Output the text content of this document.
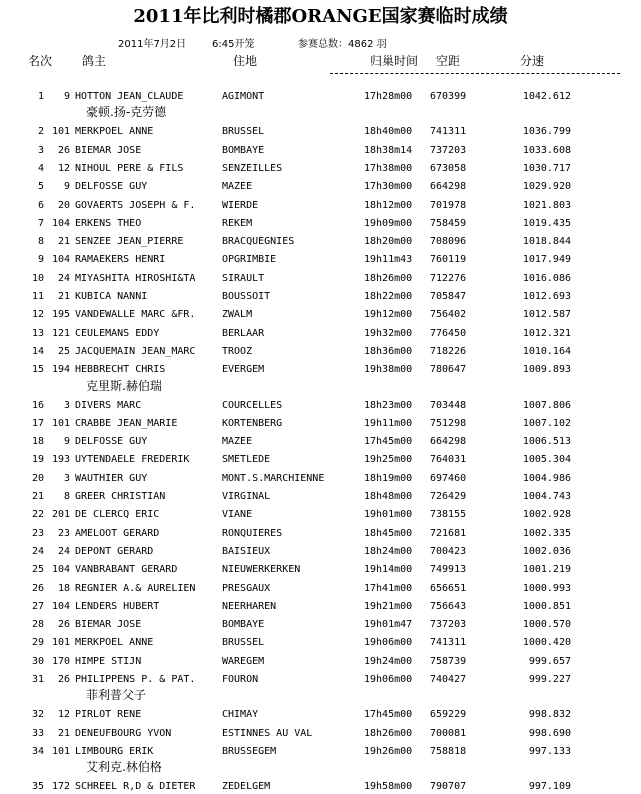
2011年比利时橘郡ORANGE国家赛临时成绩
2011年7月2日	6:45开笼	参赛总数：4862 羽
名次 鸽主	住地	归巢时间 空距	分速
1	9 HOTTON JEAN_CLAUDE	AGIMONT	17h28m00 670399	1042.612
豪顿.扬-克劳德
2 101 MERKPOEL ANNE	BRUSSEL	18h40m00 741311	1036.799
3	26 BIEMAR JOSE	BOMBAYE	18h38m14 737203	1033.608
4	12 NIHOUL PERE & FILS	SENZEILLES	17h38m00 673058	1030.717
5	9 DELFOSSE GUY	MAZEE	17h30m00 664298	1029.920
6	20 GOVAERTS JOSEPH & F.	WIERDE	18h12m00 701978	1021.803
7 104 ERKENS THEO	REKEM	19h09m00 758459	1019.435
8	21 SENZEE JEAN_PIERRE	BRACQUEGNIES	18h20m00 708096	1018.844
9 104 RAMAEKERS HENRI	OPGRIMBIE	19h11m43 760119	1017.949
10	24 MIYASHITA HIROSHI&TA	SIRAULT	18h26m00 712276	1016.086
11	21 KUBICA NANNI	BOUSSOIT	18h22m00 705847	1012.693
12 195 VANDEWALLE MARC &FR.	ZWALM	19h12m00 756402	1012.587
13 121 CEULEMANS EDDY	BERLAAR	19h32m00 776450	1012.321
14	25 JACQUEMAIN JEAN_MARC	TROOZ	18h36m00 718226	1010.164
15 194 HEBBRECHT CHRIS	EVERGEM	19h38m00 780647	1009.893
克里斯.赫伯瑞
16	3 DIVERS MARC	COURCELLES	18h23m00 703448	1007.806
17 101 CRABBE JEAN_MARIE	KORTENBERG	19h11m00 751298	1007.102
18	9 DELFOSSE GUY	MAZEE	17h45m00 664298	1006.513
19 193 UYTENDAELE FREDERIK	SMETLEDE	19h25m00 764031	1005.304
20	3 WAUTHIER GUY	MONT.S.MARCHIENNE	18h19m00 697460	1004.986
21	8 GREER CHRISTIAN	VIRGINAL	18h48m00 726429	1004.743
22 201 DE CLERCQ ERIC	VIANE	19h01m00 738155	1002.928
23	23 AMELOOT GERARD	RONQUIERES	18h45m00 721681	1002.335
24	24 DEPONT GERARD	BAISIEUX	18h24m00 700423	1002.036
25 104 VANBRABANT GERARD	NIEUWERKERKEN	19h14m00 749913	1001.219
26	18 REGNIER A.& AURELIEN	PRESGAUX	17h41m00 656651	1000.993
27 104 LENDERS HUBERT	NEERHAREN	19h21m00 756643	1000.851
28	26 BIEMAR JOSE	BOMBAYE	19h01m47 737203	1000.570
29 101 MERKPOEL ANNE	BRUSSEL	19h06m00 741311	1000.420
30 170 HIMPE STIJN	WAREGEM	19h24m00 758739	999.657
31	26 PHILIPPENS P. & PAT.	FOURON	19h06m00 740427	999.227
菲利普父子
32	12 PIRLOT RENE	CHIMAY	17h45m00 659229	998.832
33	21 DENEUFBOURG YVON	ESTINNES AU VAL	18h26m00 700081	998.690
34 101 LIMBOURG ERIK	BRUSSEGEM	19h26m00 758818	997.133
艾利克.林伯格
35 172 SCHREEL R,D & DIETER	ZEDELGEM	19h58m00 790707	997.109
